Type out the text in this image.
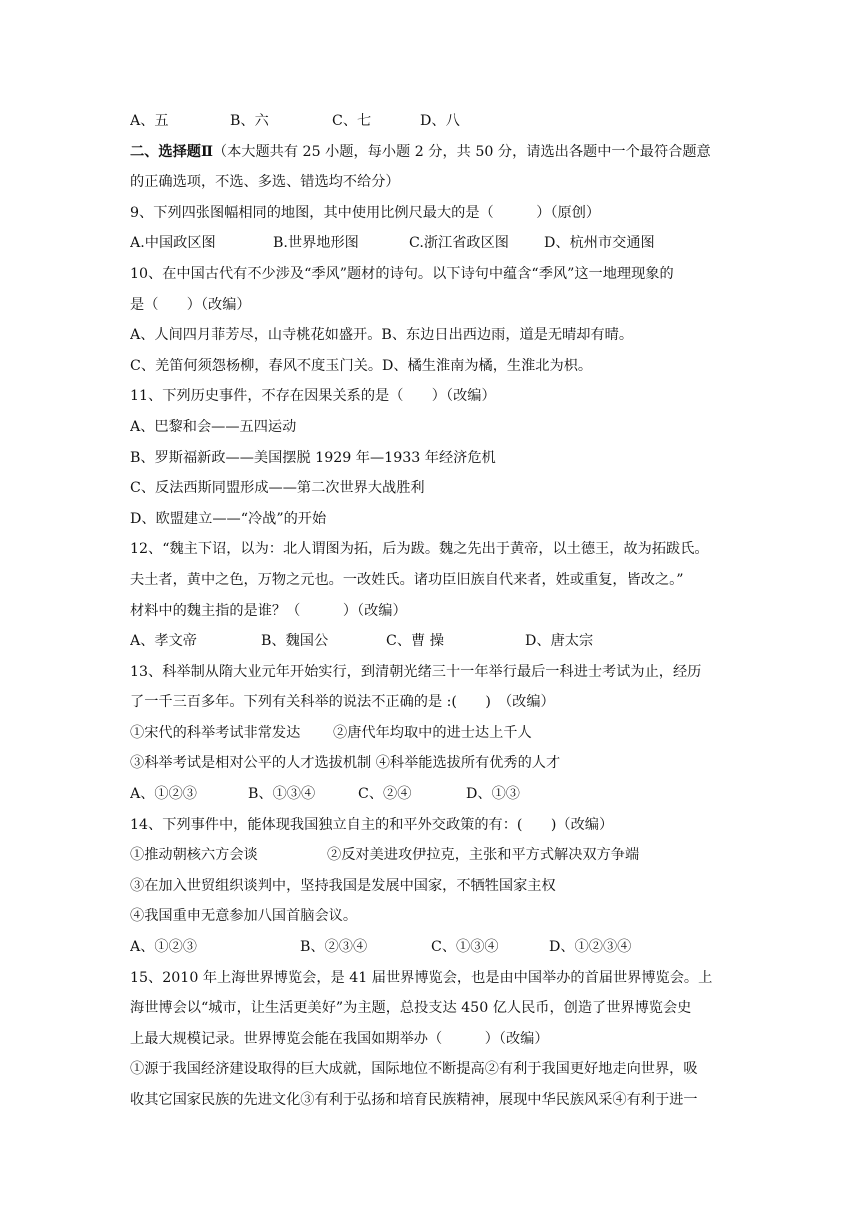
A、五	B、六	C、七	D、八
二、选择题Ⅱ（本大题共有 25 小题，每小题 2 分，共 50 分，请选出各题中一个最符合题意
的正确选项，不选、多选、错选均不给分）
9、下列四张图幅相同的地图，其中使用比例尺最大的是（　　　）（原创）
A.中国政区图	B.世界地形图	C.浙江省政区图	D、杭州市交通图
10、在中国古代有不少涉及“季风”题材的诗句。以下诗句中蕴含“季风”这一地理现象的
是（　　）（改编）
A、人间四月菲芳尽，山寺桃花如盛开。B、东边日出西边雨，道是无晴却有晴。
C、羌笛何须怨杨柳，春风不度玉门关。D、橘生淮南为橘，生淮北为枳。
11、下列历史事件，不存在因果关系的是（　　）（改编）
A、巴黎和会——五四运动
B、罗斯福新政——美国摆脱 1929 年—1933 年经济危机
C、反法西斯同盟形成——第二次世界大战胜利
D、欧盟建立——“冷战”的开始
12、“魏主下诏，以为：北人谓图为拓，后为跋。魏之先出于黄帝，以土德王，故为拓跋氏。
夫土者，黄中之色，万物之元也。一改姓氏。诸功臣旧族自代来者，姓或重复，皆改之。”
材料中的魏主指的是谁？（　　　）（改编）
A、孝文帝	B、魏国公	C、曹 操	D、唐太宗
13、科举制从隋大业元年开始实行，到清朝光绪三十一年举行最后一科进士考试为止，经历
了一千三百多年。下列有关科举的说法不正确的是 :(　　)　（改编）
①宋代的科举考试非常发达	②唐代年均取中的进士达上千人
③科举考试是相对公平的人才选拔机制 ④科举能选拔所有优秀的人才
A、①②③	B、①③④	C、②④	D、①③
14、下列事件中，能体现我国独立自主的和平外交政策的有：(　　)（改编）
①推动朝核六方会谈	②反对美进攻伊拉克，主张和平方式解决双方争端
③在加入世贸组织谈判中，坚持我国是发展中国家，不牺牲国家主权
④我国重申无意参加八国首脑会议。
A、①②③	B、②③④	C、①③④	D、①②③④
15、2010 年上海世界博览会，是 41 届世界博览会，也是由中国举办的首届世界博览会。上
海世博会以“城市，让生活更美好”为主题，总投支达 450 亿人民币，创造了世界博览会史
上最大规模记录。世界博览会能在我国如期举办（　　　）（改编）
①源于我国经济建设取得的巨大成就，国际地位不断提高②有利于我国更好地走向世界，吸
收其它国家民族的先进文化③有利于弘扬和培育民族精神，展现中华民族风采④有利于进一
